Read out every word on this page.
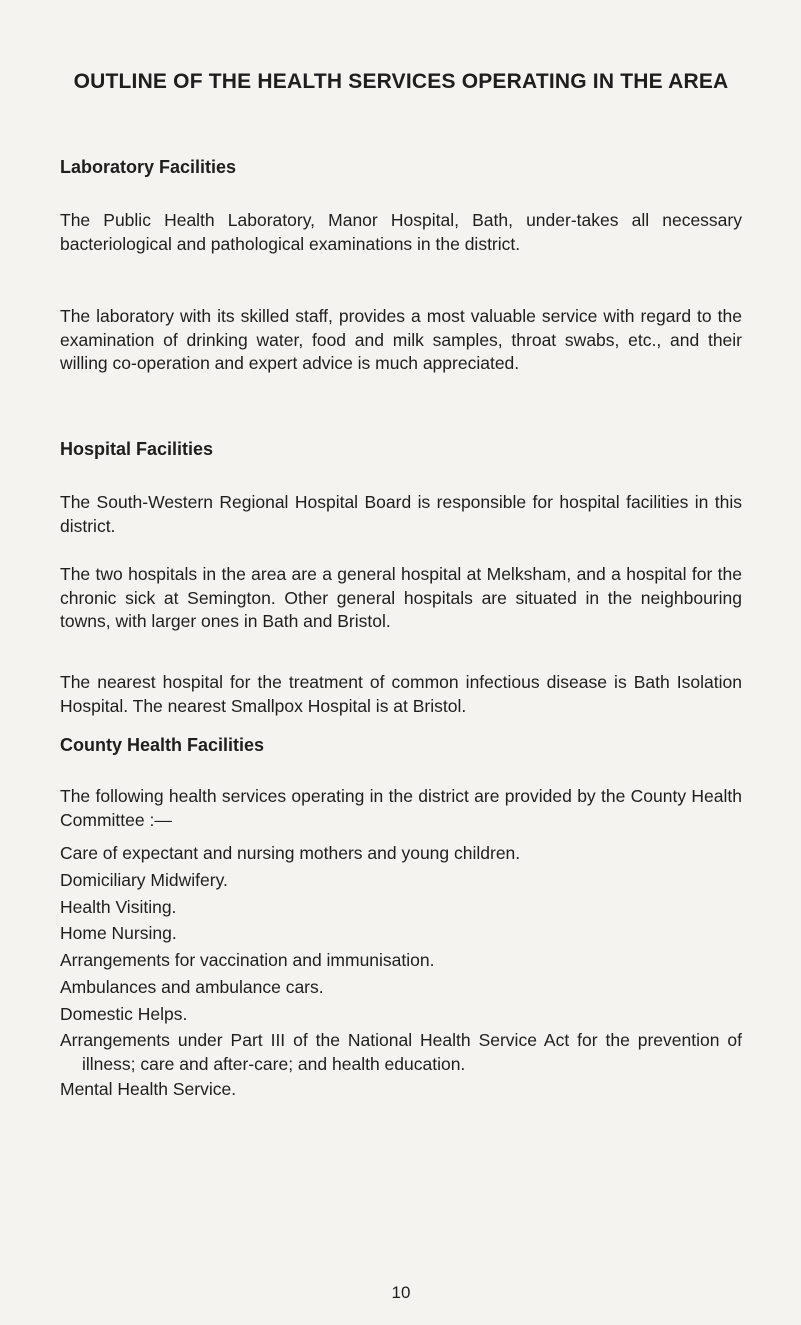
OUTLINE OF THE HEALTH SERVICES OPERATING IN THE AREA
Laboratory Facilities

The Public Health Laboratory, Manor Hospital, Bath, under-takes all necessary bacteriological and pathological examinations in the district.

The laboratory with its skilled staff, provides a most valuable service with regard to the examination of drinking water, food and milk samples, throat swabs, etc., and their willing co-operation and expert advice is much appreciated.

Hospital Facilities

The South-Western Regional Hospital Board is responsible for hospital facilities in this district.

The two hospitals in the area are a general hospital at Melksham, and a hospital for the chronic sick at Semington. Other general hospitals are situated in the neighbouring towns, with larger ones in Bath and Bristol.

The nearest hospital for the treatment of common infectious disease is Bath Isolation Hospital. The nearest Smallpox Hospital is at Bristol.

County Health Facilities

The following health services operating in the district are provided by the County Health Committee :—

Care of expectant and nursing mothers and young children.
Domiciliary Midwifery.
Health Visiting.
Home Nursing.
Arrangements for vaccination and immunisation.
Ambulances and ambulance cars.
Domestic Helps.
Arrangements under Part III of the National Health Service Act for the prevention of illness; care and after-care; and health education.
Mental Health Service.
10
